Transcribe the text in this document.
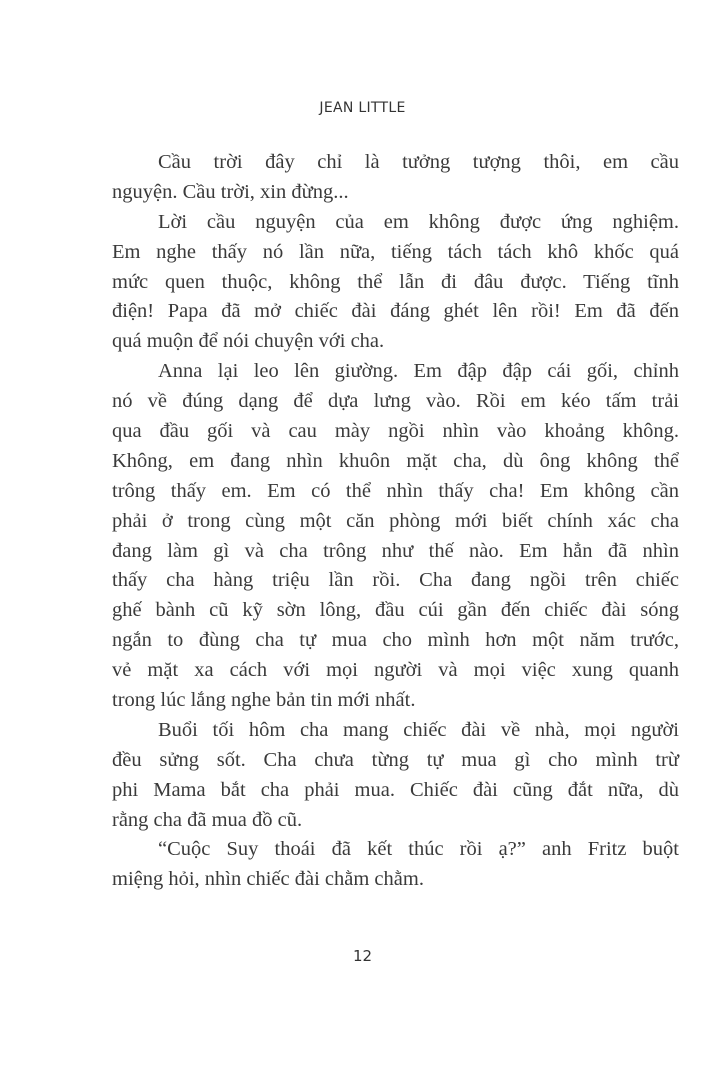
JEAN LITTLE
Cầu trời đây chỉ là tưởng tượng thôi, em cầu
nguyện. Cầu trời, xin đừng...
Lời cầu nguyện của em không được ứng nghiệm.
Em nghe thấy nó lần nữa, tiếng tách tách khô khốc quá
mức quen thuộc, không thể lẫn đi đâu được. Tiếng tĩnh
điện! Papa đã mở chiếc đài đáng ghét lên rồi! Em đã đến
quá muộn để nói chuyện với cha.
Anna lại leo lên giường. Em đập đập cái gối, chỉnh
nó về đúng dạng để dựa lưng vào. Rồi em kéo tấm trải
qua đầu gối và cau mày ngồi nhìn vào khoảng không.
Không, em đang nhìn khuôn mặt cha, dù ông không thể
trông thấy em. Em có thể nhìn thấy cha! Em không cần
phải ở trong cùng một căn phòng mới biết chính xác cha
đang làm gì và cha trông như thế nào. Em hẳn đã nhìn
thấy cha hàng triệu lần rồi. Cha đang ngồi trên chiếc
ghế bành cũ kỹ sờn lông, đầu cúi gần đến chiếc đài sóng
ngắn to đùng cha tự mua cho mình hơn một năm trước,
vẻ mặt xa cách với mọi người và mọi việc xung quanh
trong lúc lắng nghe bản tin mới nhất.
Buổi tối hôm cha mang chiếc đài về nhà, mọi người
đều sửng sốt. Cha chưa từng tự mua gì cho mình trừ
phi Mama bắt cha phải mua. Chiếc đài cũng đắt nữa, dù
rằng cha đã mua đồ cũ.
“Cuộc Suy thoái đã kết thúc rồi ạ?” anh Fritz buột
miệng hỏi, nhìn chiếc đài chằm chằm.
12
